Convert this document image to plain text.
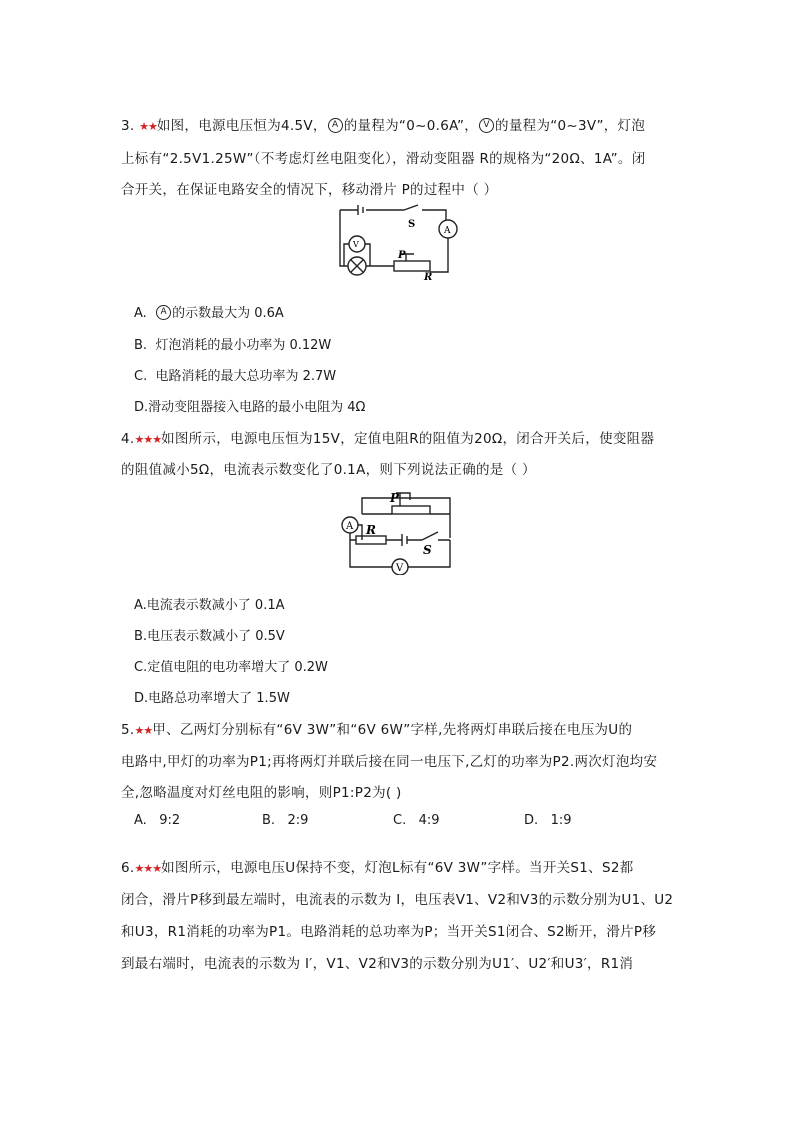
3. ★★如图，电源电压恒为4.5V， A 的量程为“0~0.6A”， V 的量程为“0~3V”，灯泡
上标有“2.5V1.25W”（不考虑灯丝电阻变化），滑动变阻器 R的规格为“20Ω、1A”。闭
合开关，在保证电路安全的情况下，移动滑片 P的过程中（ ）
S
A
V
P
R
A. A 的示数最大为 0.6A
B. 灯泡消耗的最小功率为 0.12W
C. 电路消耗的最大总功率为 2.7W
D.滑动变阻器接入电路的最小电阻为 4Ω
4.★★★如图所示，电源电压恒为15V，定值电阻R的阻值为20Ω，闭合开关后，使变阻器
的阻值减小5Ω，电流表示数变化了0.1A，则下列说法正确的是（ ）
A R
P
S
V
A.电流表示数减小了 0.1A
B.电压表示数减小了 0.5V
C.定值电阻的电功率增大了 0.2W
D.电路总功率增大了 1.5W
5.★★甲、乙两灯分别标有“6V 3W”和“6V 6W”字样,先将两灯串联后接在电压为U的
电路中,甲灯的功率为P1;再将两灯并联后接在同一电压下,乙灯的功率为P2.两次灯泡均安
全,忽略温度对灯丝电阻的影响，则P1:P2为( )
A. 9:2	B. 2:9	C. 4:9	D. 1:9
6.★★★如图所示，电源电压U保持不变，灯泡L标有“6V 3W”字样。当开关S1、S2都
闭合，滑片P移到最左端时，电流表的示数为 I，电压表V1、V2和V3的示数分别为U1、U2
和U3，R1消耗的功率为P1。电路消耗的总功率为P；当开关S1闭合、S2断开，滑片P移
到最右端时，电流表的示数为 I′，V1、V2和V3的示数分别为U1′、U2′和U3′，R1消
